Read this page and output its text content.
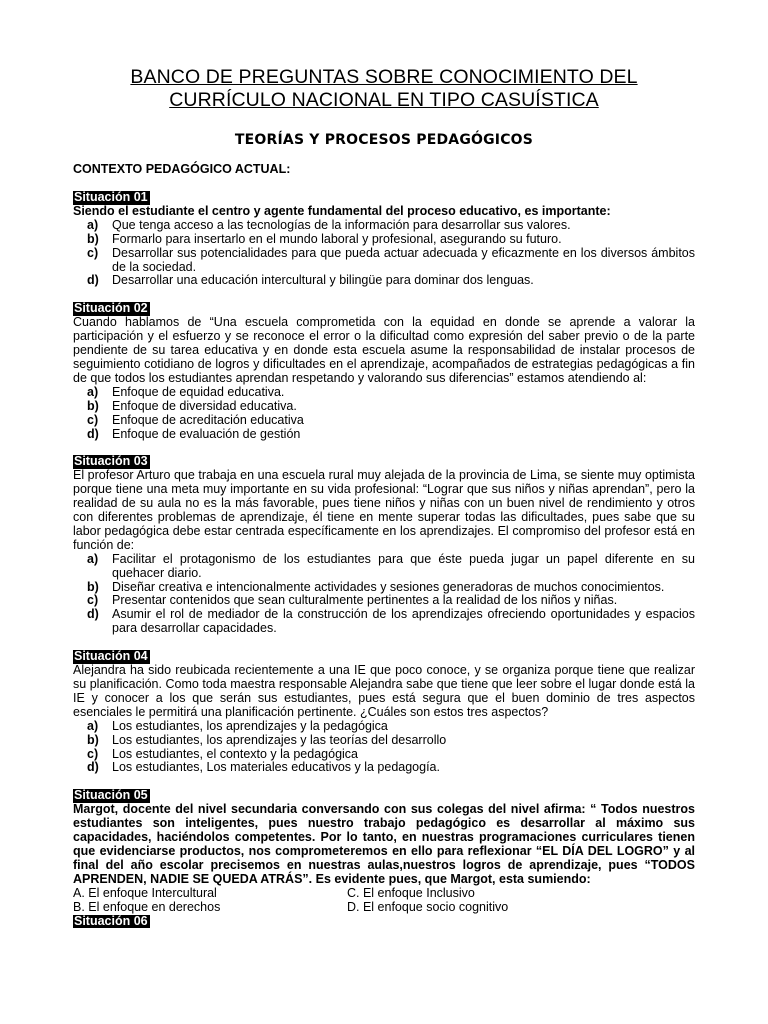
BANCO DE PREGUNTAS SOBRE CONOCIMIENTO DEL
CURRÍCULO NACIONAL EN TIPO CASUÍSTICA
TEORÍAS Y PROCESOS PEDAGÓGICOS
CONTEXTO PEDAGÓGICO ACTUAL:
Situación 01
Siendo el estudiante el centro y agente fundamental del proceso educativo, es importante:
a)	Que tenga acceso a las tecnologías de la información para desarrollar sus valores.
b)	Formarlo para insertarlo en el mundo laboral y profesional, asegurando su futuro.
c)	Desarrollar sus potencialidades para que pueda actuar adecuada y eficazmente en los diversos ámbitos de la sociedad.
d)	Desarrollar una educación intercultural y bilingüe para dominar dos lenguas.
Situación 02
Cuando hablamos de “Una escuela comprometida con la equidad en donde se aprende a valorar la participación y el esfuerzo y se reconoce el error o la dificultad como expresión del saber previo o de la parte pendiente de su tarea educativa y en donde esta escuela asume la responsabilidad de instalar procesos de seguimiento cotidiano de logros y dificultades en el aprendizaje, acompañados de estrategias pedagógicas a fin de que todos los estudiantes aprendan respetando y valorando sus diferencias” estamos atendiendo al:
a)	Enfoque de equidad educativa.
b)	Enfoque de diversidad educativa.
c)	Enfoque de acreditación educativa
d)	Enfoque de evaluación de gestión
Situación 03
El profesor Arturo que trabaja en una escuela rural muy alejada de la provincia de Lima, se siente muy optimista porque tiene una meta muy importante en su vida profesional: “Lograr que sus niños y niñas aprendan”, pero la realidad de su aula no es la más favorable, pues tiene niños y niñas con un buen nivel de rendimiento y otros con diferentes problemas de aprendizaje, él tiene en mente superar todas las dificultades, pues sabe que su labor pedagógica debe estar centrada específicamente en los aprendizajes. El compromiso del profesor está en función de:
a)	Facilitar el protagonismo de los estudiantes para que éste pueda jugar un papel diferente en su quehacer diario.
b)	Diseñar creativa e intencionalmente actividades y sesiones generadoras de muchos conocimientos.
c)	Presentar contenidos que sean culturalmente pertinentes a la realidad de los niños y niñas.
d)	Asumir el rol de mediador de la construcción de los aprendizajes ofreciendo oportunidades y espacios para desarrollar capacidades.
Situación 04
Alejandra ha sido reubicada recientemente a una IE que poco conoce, y se organiza porque tiene que realizar su planificación. Como toda maestra responsable Alejandra sabe que tiene que leer sobre el lugar donde está la IE y conocer a los que serán sus estudiantes, pues está segura que el buen dominio de tres aspectos esenciales le permitirá una planificación pertinente. ¿Cuáles son estos tres aspectos?
a)	Los estudiantes, los aprendizajes y la pedagógica
b)	Los estudiantes, los aprendizajes y las teorías del desarrollo
c)	Los estudiantes, el contexto y la pedagógica
d)	Los estudiantes, Los materiales educativos y la pedagogía.
Situación 05
Margot, docente del nivel secundaria conversando con sus colegas del nivel afirma: “ Todos nuestros estudiantes son inteligentes, pues nuestro trabajo pedagógico es desarrollar al máximo sus capacidades, haciéndolos competentes. Por lo tanto, en nuestras programaciones curriculares tienen que evidenciarse productos, nos comprometeremos en ello para reflexionar “EL DÍA DEL LOGRO” y al final del año escolar precisemos en nuestras aulas,nuestros logros de aprendizaje, pues “TODOS APRENDEN, NADIE SE QUEDA ATRÁS”. Es evidente pues, que Margot, esta sumiendo:
A. El enfoque Intercultural	C. El enfoque Inclusivo
B. El enfoque en derechos	D. El enfoque socio cognitivo
Situación 06
